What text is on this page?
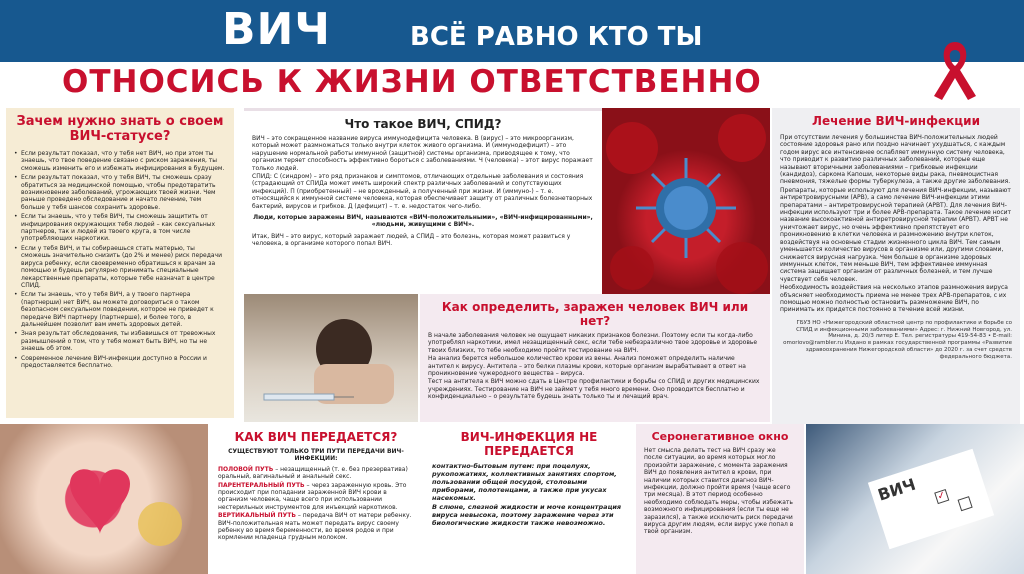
ВИЧ	ВСЁ РАВНО КТО ТЫ
ОТНОСИСЬ К ЖИЗНИ ОТВЕТСТВЕННО
Зачем нужно знать о своем ВИЧ-статусе?
• Если результат показал, что у тебя нет ВИЧ, но при этом ты знаешь, что твое поведение связано с риском заражения, ты сможешь изменить его и избежать инфицирования в будущем.
• Если результат показал, что у тебя ВИЧ, ты сможешь сразу обратиться за медицинской помощью, чтобы предотвратить возникновение заболеваний, угрожающих твоей жизни. Чем раньше проведено обследование и начато лечение, тем больше у тебя шансов сохранить здоровье.
• Если ты знаешь, что у тебя ВИЧ, ты сможешь защитить от инфицирования окружающих тебя людей – как сексуальных партнеров, так и людей из твоего круга, в том числе употребляющих наркотики.
• Если у тебя ВИЧ, и ты собираешься стать матерью, ты сможешь значительно снизить (до 2% и менее) риск передачи вируса ребенку, если своевременно обратишься к врачам за помощью и будешь регулярно принимать специальные лекарственные препараты, которые тебе назначат в центре СПИД.
• Если ты знаешь, что у тебя ВИЧ, а у твоего партнера (партнерши) нет ВИЧ, вы можете договориться о таком безопасном сексуальном поведении, которое не приведет к передаче ВИЧ партнеру (партнерше), и более того, в дальнейшем позволит вам иметь здоровых детей.
• Зная результат обследования, ты избавишься от тревожных размышлений о том, что у тебя может быть ВИЧ, но ты не знаешь об этом.
• Современное лечение ВИЧ-инфекции доступно в России и предоставляется бесплатно.
Что такое ВИЧ, СПИД?

ВИЧ – это сокращенное название вируса иммунодефицита человека. В (вирус) – это микроорганизм, который может размножаться только внутри клеток живого организма. И (иммунодефицит) – это нарушение нормальной работы иммунной (защитной) системы организма, приводящее к тому, что организм теряет способность эффективно бороться с заболеваниями. Ч (человека) – этот вирус поражает только людей.

СПИД: С (синдром) – это ряд признаков и симптомов, отличающих отдельные заболевания и состояния (страдающий от СПИДа может иметь широкий спектр различных заболеваний и сопутствующих инфекций). П (приобретенный) – не врожденный, а полученный при жизни. И (иммуно-) – т. е. относящийся к иммунной системе человека, которая обеспечивает защиту от различных болезнетворных бактерий, вирусов и грибков. Д (дефицит) – т. е. недостаток чего-либо.

Люди, которые заражены ВИЧ, называются «ВИЧ-положительными», «ВИЧ-инфицированными», «людьми, живущими с ВИЧ».

Итак, ВИЧ – это вирус, который заражает людей, а СПИД – это болезнь, которая может развиться у человека, в организме которого попал ВИЧ.

Лечение ВИЧ-инфекции

При отсутствии лечения у большинства ВИЧ-положительных людей состояние здоровья рано или поздно начинает ухудшаться, с каждым годом вирус все интенсивнее ослабляет иммунную систему человека, что приводит к развитию различных заболеваний, которые еще называют вторичными заболеваниями – грибковые инфекции (кандидоз), саркома Капоши, некоторые виды рака, пневмоцистная пневмония, тяжелые формы туберкулеза, а также другие заболевания.

Препараты, которые используют для лечения ВИЧ-инфекции, называют антиретровирусными (АРВ), а само лечение ВИЧ-инфекции этими препаратами – антиретровирусной терапией (АРВТ). Для лечения ВИЧ-инфекции используют три и более АРВ-препарата. Такое лечение носит название высокоактивной антиретровирусной терапии (АРВТ). АРВТ не уничтожает вирус, но очень эффективно препятствует его проникновению в клетки человека и размножению внутри клеток, воздействуя на основные стадии жизненного цикла ВИЧ. Тем самым уменьшается количество вирусов в организме или, другими словами, снижается вирусная нагрузка. Чем больше в организме здоровых иммунных клеток, тем меньше ВИЧ, тем эффективнее иммунная система защищает организм от различных болезней, и тем лучше чувствует себя человек.

Необходимость воздействия на несколько этапов размножения вируса объясняет необходимость приема не менее трех АРВ-препаратов, с их помощью можно полностью остановить размножение ВИЧ, по принимать их придется постоянно в течение всей жизни.

ГБУЗ НО «Нижегородский областной центр по профилактике и борьбе со СПИД и инфекционными заболеваниями» Адрес: г. Нижний Новгород, ул. Минина, д. 20/3 литер Е. Тел. регистратуры 419-54-83 • E-mail: omoriovo@rambler.ru Издано в рамках государственной программы «Развитие здравоохранения Нижегородской области» до 2020 г. за счет средств федерального бюджета.
Как определить, заражен человек ВИЧ или нет?

В начале заболевания человек не ощущает никаких признаков болезни. Поэтому если ты когда-либо употреблял наркотики, имел незащищенный секс, если тебе небезразлично твое здоровье и здоровье твоих близких, то тебе необходимо пройти тестирование на ВИЧ.

На анализ берется небольшое количество крови из вены. Анализ поможет определить наличие антител к вирусу. Антитела – это белки плазмы крови, которые организм вырабатывает в ответ на проникновение чужеродного вещества – вируса.

Тест на антитела к ВИЧ можно сдать в Центре профилактики и борьбы со СПИД и других медицинских учреждениях. Тестирование на ВИЧ не займет у тебя много времени. Оно проводится бесплатно и конфиденциально – о результате будешь знать только ты и лечащий врач.

КАК ВИЧ ПЕРЕДАЕТСЯ?

СУЩЕСТВУЮТ ТОЛЬКО ТРИ ПУТИ ПЕРЕДАЧИ ВИЧ-ИНФЕКЦИИ:

ПОЛОВОЙ ПУТЬ – незащищенный (т. е. без презерватива) оральный, вагинальный и анальный секс.

ПАРЕНТЕРАЛЬНЫЙ ПУТЬ – через зараженную кровь. Это происходит при попадании зараженной ВИЧ крови в организм человека, чаще всего при использовании нестерильных инструментов для инъекций наркотиков.

ВЕРТИКАЛЬНЫЙ ПУТЬ – передача ВИЧ от матери ребенку. ВИЧ-положительная мать может передать вирус своему ребенку во время беременности, во время родов и при кормлении младенца грудным молоком.

ВИЧ-ИНФЕКЦИЯ НЕ ПЕРЕДАЕТСЯ

контактно-бытовым путем: при поцелуях, рукопожатиях, коллективных занятиях спортом, пользовании общей посудой, столовыми приборами, полотенцами, а также при укусах насекомых.

В слюне, слезной жидкости и моче концентрация вируса невысока, поэтому заражение через эти биологические жидкости также невозможно.

Серонегативное окно
Нет смысла делать тест на ВИЧ сразу же после ситуации, во время которых могло произойти заражение, с момента заражения ВИЧ до появления антител в крови, при наличии которых ставится диагноз ВИЧ-инфекции, должно пройти время (чаще всего три месяца). В этот период особенно необходимо соблюдать меры, чтобы избежать возможного инфицирования (если ты еще не заразился), а также исключить риск передачи вируса другим людям, если вирус уже попал в твой организм.
ВИЧ ✓
